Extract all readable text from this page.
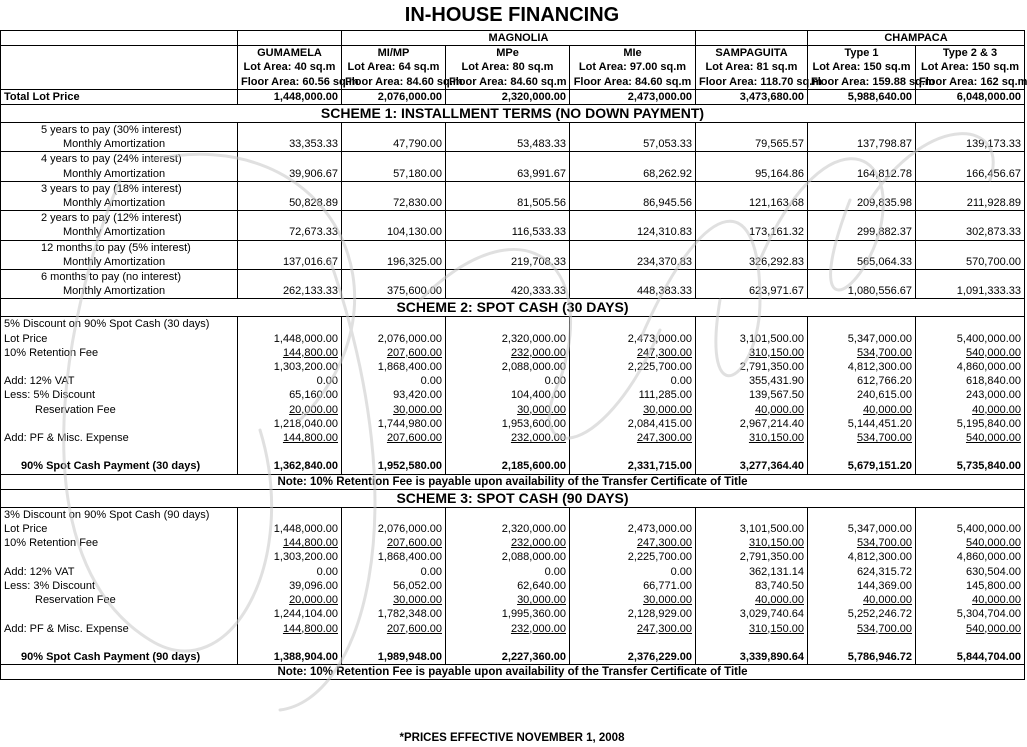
IN-HOUSE FINANCING
		MAGNOLIA				CHAMPACA	
	GUMAMELA	MI/MP	MPe	MIe	SAMPAGUITA	Type 1	Type 2 & 3
	Lot Area: 40 sq.m	Lot Area: 64 sq.m	Lot Area: 80 sq.m	Lot Area: 97.00 sq.m	Lot Area: 81 sq.m	Lot Area: 150 sq.m	Lot Area: 150 sq.m
	Floor Area: 60.56 sq.m	Floor Area: 84.60 sq.m	Floor Area: 84.60 sq.m	Floor Area: 84.60 sq.m	Floor Area: 118.70 sq.m	Floor Area: 159.88 sq.m	Floor Area: 162 sq.m
Total Lot Price	1,448,000.00	2,076,000.00	2,320,000.00	2,473,000.00	3,473,680.00	5,988,640.00	6,048,000.00
SCHEME 1: INSTALLMENT TERMS (NO DOWN PAYMENT)							
5 years to pay (30% interest)							
Monthly Amortization	33,353.33	47,790.00	53,483.33	57,053.33	79,565.57	137,798.87	139,173.33
4 years to pay (24% interest)							
Monthly Amortization	39,906.67	57,180.00	63,991.67	68,262.92	95,164.86	164,812.78	166,456.67
3 years to pay (18% interest)							
Monthly Amortization	50,828.89	72,830.00	81,505.56	86,945.56	121,163.68	209,835.98	211,928.89
2 years to pay (12% interest)							
Monthly Amortization	72,673.33	104,130.00	116,533.33	124,310.83	173,161.32	299,882.37	302,873.33
12 months to pay (5% interest)							
Monthly Amortization	137,016.67	196,325.00	219,708.33	234,370.83	326,292.83	565,064.33	570,700.00
6 months to pay (no interest)							
Monthly Amortization	262,133.33	375,600.00	420,333.33	448,383.33	623,971.67	1,080,556.67	1,091,333.33
SCHEME 2: SPOT CASH (30 DAYS)							
5% Discount on 90% Spot Cash (30 days)							
Lot Price	1,448,000.00	2,076,000.00	2,320,000.00	2,473,000.00	3,101,500.00	5,347,000.00	5,400,000.00
10% Retention Fee	144,800.00	207,600.00	232,000.00	247,300.00	310,150.00	534,700.00	540,000.00
	1,303,200.00	1,868,400.00	2,088,000.00	2,225,700.00	2,791,350.00	4,812,300.00	4,860,000.00
Add: 12% VAT	0.00	0.00	0.00	0.00	355,431.90	612,766.20	618,840.00
Less: 5% Discount	65,160.00	93,420.00	104,400.00	111,285.00	139,567.50	240,615.00	243,000.00
Reservation Fee	20,000.00	30,000.00	30,000.00	30,000.00	40,000.00	40,000.00	40,000.00
	1,218,040.00	1,744,980.00	1,953,600.00	2,084,415.00	2,967,214.40	5,144,451.20	5,195,840.00
Add: PF & Misc. Expense	144,800.00	207,600.00	232,000.00	247,300.00	310,150.00	534,700.00	540,000.00

90% Spot Cash Payment (30 days)	1,362,840.00	1,952,580.00	2,185,600.00	2,331,715.00	3,277,364.40	5,679,151.20	5,735,840.00
Note: 10% Retention Fee is payable upon availability of the Transfer Certificate of Title							
SCHEME 3: SPOT CASH (90 DAYS)							
3% Discount on 90% Spot Cash (90 days)							
Lot Price	1,448,000.00	2,076,000.00	2,320,000.00	2,473,000.00	3,101,500.00	5,347,000.00	5,400,000.00
10% Retention Fee	144,800.00	207,600.00	232,000.00	247,300.00	310,150.00	534,700.00	540,000.00
	1,303,200.00	1,868,400.00	2,088,000.00	2,225,700.00	2,791,350.00	4,812,300.00	4,860,000.00
Add: 12% VAT	0.00	0.00	0.00	0.00	362,131.14	624,315.72	630,504.00
Less: 3% Discount	39,096.00	56,052.00	62,640.00	66,771.00	83,740.50	144,369.00	145,800.00
Reservation Fee	20,000.00	30,000.00	30,000.00	30,000.00	40,000.00	40,000.00	40,000.00
	1,244,104.00	1,782,348.00	1,995,360.00	2,128,929.00	3,029,740.64	5,252,246.72	5,304,704.00
Add: PF & Misc. Expense	144,800.00	207,600.00	232,000.00	247,300.00	310,150.00	534,700.00	540,000.00

90% Spot Cash Payment (90 days)	1,388,904.00	1,989,948.00	2,227,360.00	2,376,229.00	3,339,890.64	5,786,946.72	5,844,704.00
Note: 10% Retention Fee is payable upon availability of the Transfer Certificate of Title							
*PRICES EFFECTIVE NOVEMBER 1, 2008
